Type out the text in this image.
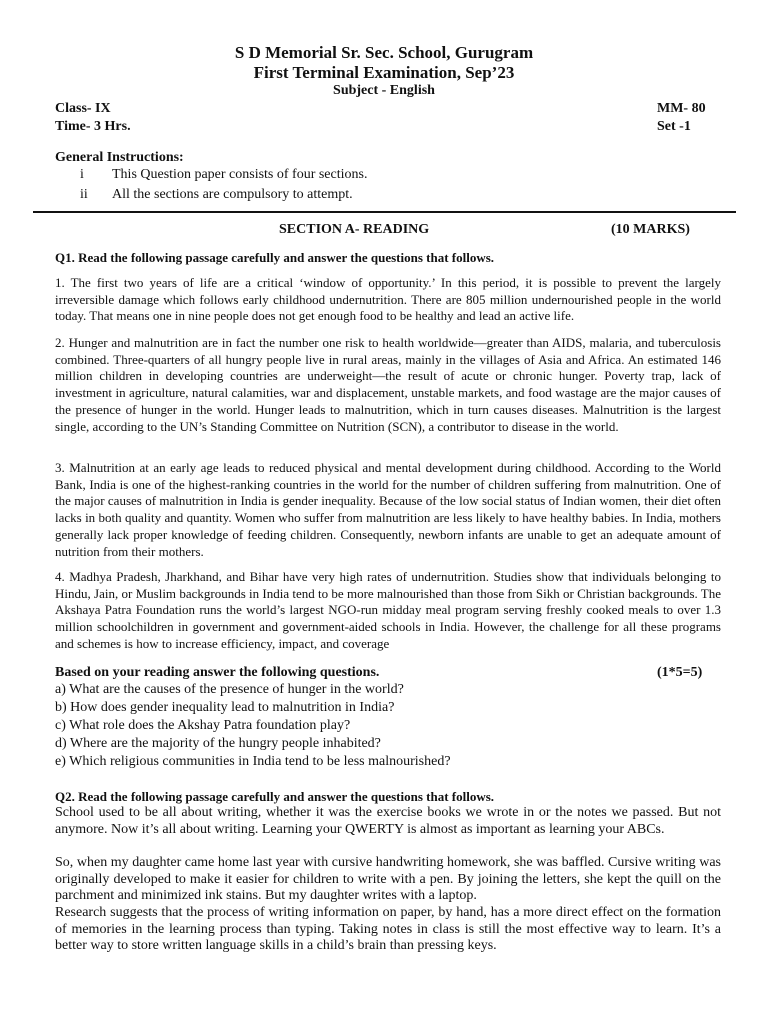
S D Memorial Sr. Sec. School, Gurugram
First Terminal Examination, Sep’23
Subject - English
Class- IX	MM- 80
Time- 3 Hrs.	Set -1
General Instructions:
i This Question paper consists of four sections.
ii All the sections are compulsory to attempt.
SECTION A- READING	(10 MARKS)
Q1. Read the following passage carefully and answer the questions that follows.

1. The first two years of life are a critical ‘window of opportunity.’ In this period, it is possible to prevent the largely irreversible damage which follows early childhood undernutrition. There are 805 million undernourished people in the world today. That means one in nine people does not get enough food to be healthy and lead an active life.

2. Hunger and malnutrition are in fact the number one risk to health worldwide—greater than AIDS, malaria, and tuberculosis combined. Three-quarters of all hungry people live in rural areas, mainly in the villages of Asia and Africa. An estimated 146 million children in developing countries are underweight—the result of acute or chronic hunger. Poverty trap, lack of investment in agriculture, natural calamities, war and displacement, unstable markets, and food wastage are the major causes of the presence of hunger in the world. Hunger leads to malnutrition, which in turn causes diseases. Malnutrition is the largest single, according to the UN’s Standing Committee on Nutrition (SCN), a contributor to disease in the world.

3. Malnutrition at an early age leads to reduced physical and mental development during childhood. According to the World Bank, India is one of the highest-ranking countries in the world for the number of children suffering from malnutrition. One of the major causes of malnutrition in India is gender inequality. Because of the low social status of Indian women, their diet often lacks in both quality and quantity. Women who suffer from malnutrition are less likely to have healthy babies. In India, mothers generally lack proper knowledge of feeding children. Consequently, newborn infants are unable to get an adequate amount of nutrition from their mothers.

4. Madhya Pradesh, Jharkhand, and Bihar have very high rates of undernutrition. Studies show that individuals belonging to Hindu, Jain, or Muslim backgrounds in India tend to be more malnourished than those from Sikh or Christian backgrounds. The Akshaya Patra Foundation runs the world’s largest NGO-run midday meal program serving freshly cooked meals to over 1.3 million schoolchildren in government and government-aided schools in India. However, the challenge for all these programs and schemes is how to increase efficiency, impact, and coverage

Based on your reading answer the following questions.	(1*5=5)
a) What are the causes of the presence of hunger in the world?
b) How does gender inequality lead to malnutrition in India?
c) What role does the Akshay Patra foundation play?
d) Where are the majority of the hungry people inhabited?
e) Which religious communities in India tend to be less malnourished?
Q2. Read the following passage carefully and answer the questions that follows.

School used to be all about writing, whether it was the exercise books we wrote in or the notes we passed. But not anymore. Now it’s all about writing. Learning your QWERTY is almost as important as learning your ABCs.

So, when my daughter came home last year with cursive handwriting homework, she was baffled. Cursive writing was originally developed to make it easier for children to write with a pen. By joining the letters, she kept the quill on the parchment and minimized ink stains. But my daughter writes with a laptop.

Research suggests that the process of writing information on paper, by hand, has a more direct effect on the formation of memories in the learning process than typing. Taking notes in class is still the most effective way to learn. It’s a better way to store written language skills in a child’s brain than pressing keys.
